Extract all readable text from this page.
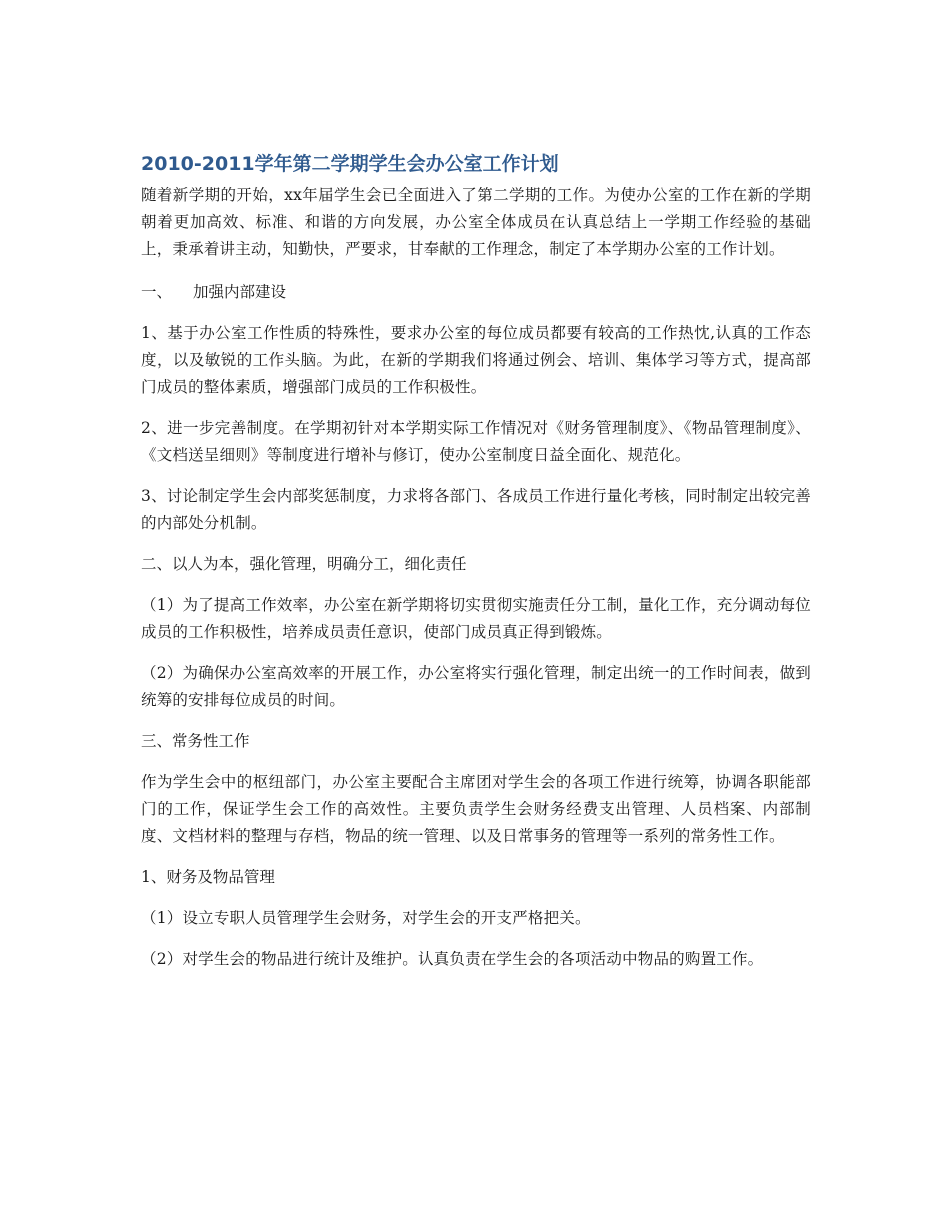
2010-2011学年第二学期学生会办公室工作计划

随着新学期的开始，xx年届学生会已全面进入了第二学期的工作。为使办公室的工作在新的学期朝着更加高效、标准、和谐的方向发展，办公室全体成员在认真总结上一学期工作经验的基础上，秉承着讲主动，知勤快，严要求，甘奉献的工作理念，制定了本学期办公室的工作计划。

一、 加强内部建设

1、基于办公室工作性质的特殊性，要求办公室的每位成员都要有较高的工作热忱,认真的工作态度，以及敏锐的工作头脑。为此，在新的学期我们将通过例会、培训、集体学习等方式，提高部门成员的整体素质，增强部门成员的工作积极性。

2、进一步完善制度。在学期初针对本学期实际工作情况对《财务管理制度》、《物品管理制度》、《文档送呈细则》等制度进行增补与修订，使办公室制度日益全面化、规范化。

3、讨论制定学生会内部奖惩制度，力求将各部门、各成员工作进行量化考核，同时制定出较完善的内部处分机制。

二、以人为本，强化管理，明确分工，细化责任

（1）为了提高工作效率，办公室在新学期将切实贯彻实施责任分工制，量化工作，充分调动每位成员的工作积极性，培养成员责任意识，使部门成员真正得到锻炼。

（2）为确保办公室高效率的开展工作，办公室将实行强化管理，制定出统一的工作时间表，做到统筹的安排每位成员的时间。

三、常务性工作

作为学生会中的枢纽部门，办公室主要配合主席团对学生会的各项工作进行统筹，协调各职能部门的工作，保证学生会工作的高效性。主要负责学生会财务经费支出管理、人员档案、内部制度、文档材料的整理与存档，物品的统一管理、以及日常事务的管理等一系列的常务性工作。

1、财务及物品管理

（1）设立专职人员管理学生会财务，对学生会的开支严格把关。

（2）对学生会的物品进行统计及维护。认真负责在学生会的各项活动中物品的购置工作。
